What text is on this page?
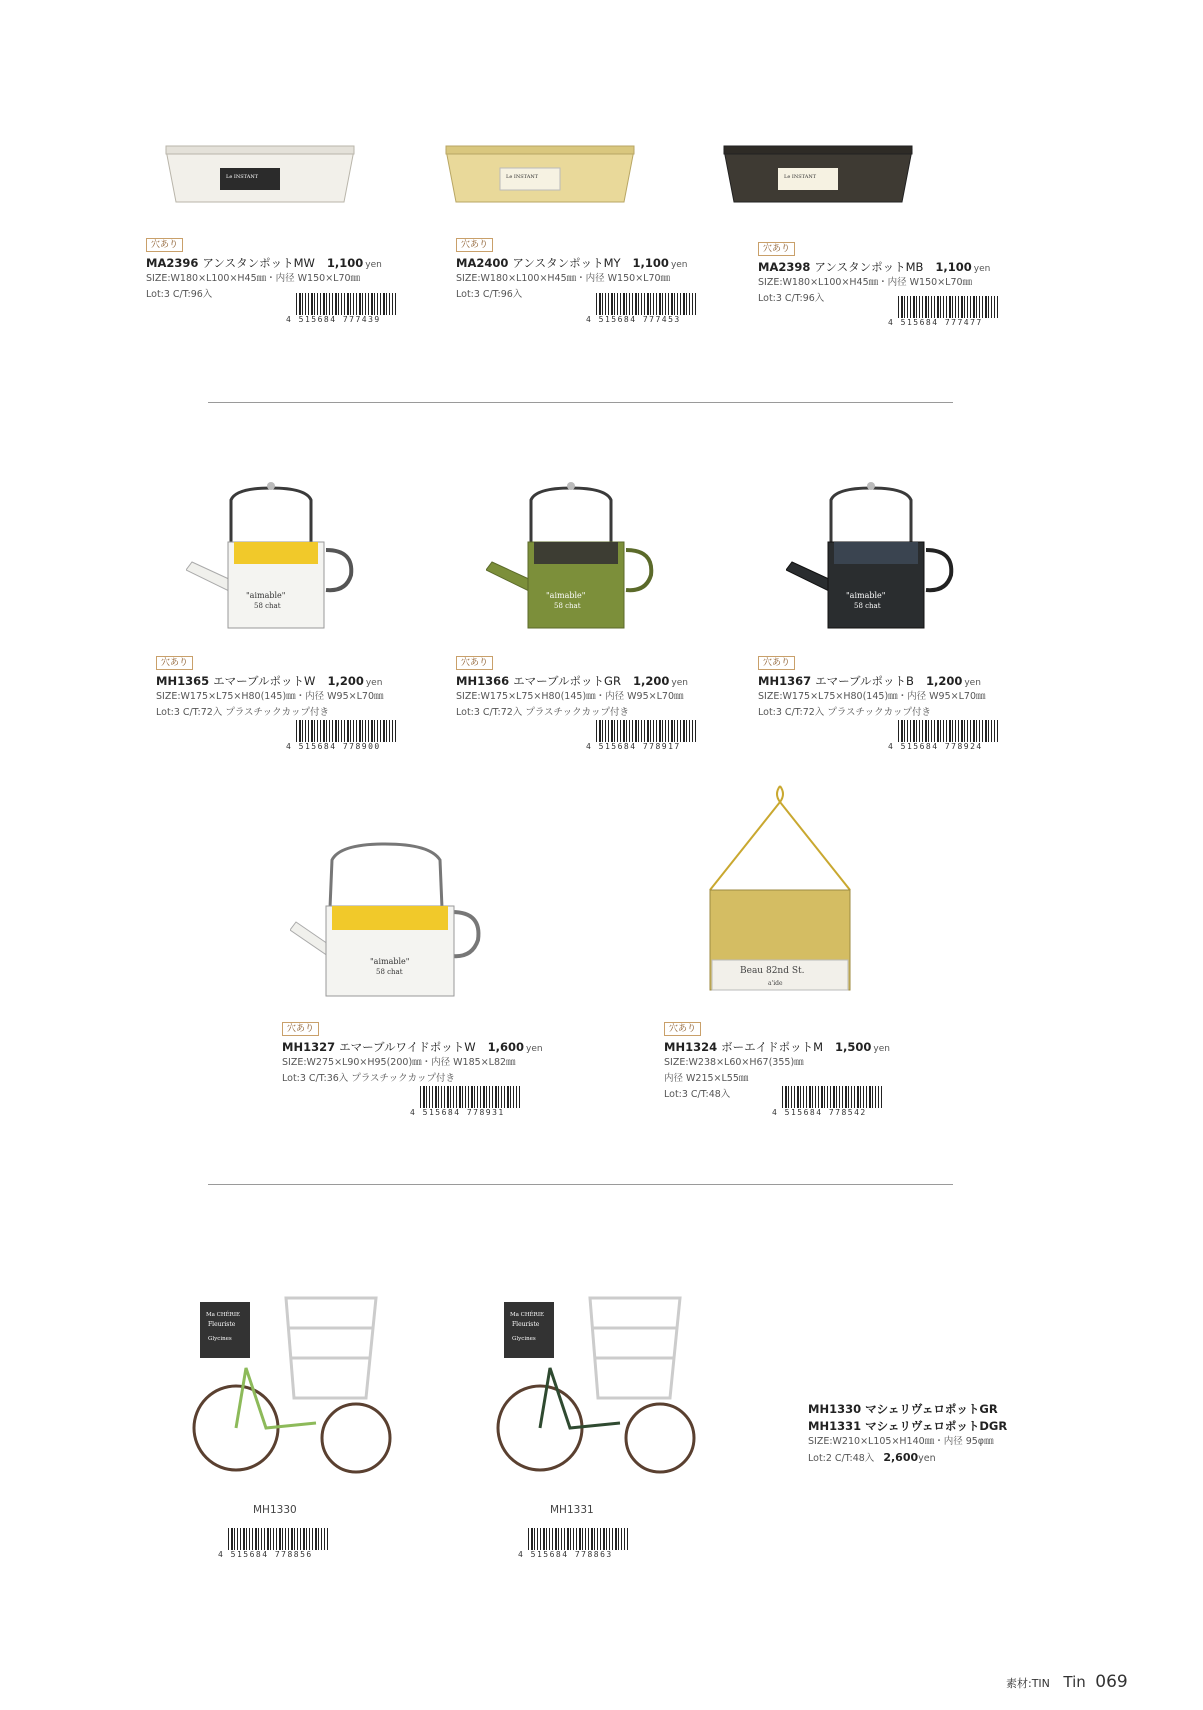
Le INSTANT	Le INSTANT	Le INSTANT
穴あり
MA2396 アンスタンポットMW 1,100 yen
SIZE:W180×L100×H45㎜・内径 W150×L70㎜
Lot:3 C/T:96入
4 515684 777439
穴あり
MA2400 アンスタンポットMY 1,100 yen
SIZE:W180×L100×H45㎜・内径 W150×L70㎜
Lot:3 C/T:96入
4 515684 777453
穴あり
MA2398 アンスタンポットMB 1,100 yen
SIZE:W180×L100×H45㎜・内径 W150×L70㎜
Lot:3 C/T:96入
4 515684 777477
"aimable"
58 chat
"aimable"
58 chat
"aimable"
58 chat
穴あり
MH1365 エマーブルポットW 1,200 yen
SIZE:W175×L75×H80(145)㎜・内径 W95×L70㎜
Lot:3 C/T:72入 プラスチックカップ付き
4 515684 778900
穴あり
MH1366 エマーブルポットGR 1,200 yen
SIZE:W175×L75×H80(145)㎜・内径 W95×L70㎜
Lot:3 C/T:72入 プラスチックカップ付き
4 515684 778917
穴あり
MH1367 エマーブルポットB 1,200 yen
SIZE:W175×L75×H80(145)㎜・内径 W95×L70㎜
Lot:3 C/T:72入 プラスチックカップ付き
4 515684 778924
"aimable"
58 chat	Beau 82nd St.
a'ide
穴あり
MH1327 エマーブルワイドポットW 1,600 yen
SIZE:W275×L90×H95(200)㎜・内径 W185×L82㎜
Lot:3 C/T:36入 プラスチックカップ付き
4 515684 778931
穴あり
MH1324 ボーエイドポットM 1,500 yen
SIZE:W238×L60×H67(355)㎜
内径 W215×L55㎜
Lot:3 C/T:48入
4 515684 778542
Ma CHÉRIE
Fleuriste
Glycines
Ma CHÉRIE
Fleuriste
Glycines
MH1330
4 515684 778856
MH1331
4 515684 778863
MH1330 マシェリヴェロポットGR
MH1331 マシェリヴェロポットDGR
SIZE:W210×L105×H140㎜・内径 95φ㎜
Lot:2 C/T:48入 2,600yen
素材:TIN Tin 069
